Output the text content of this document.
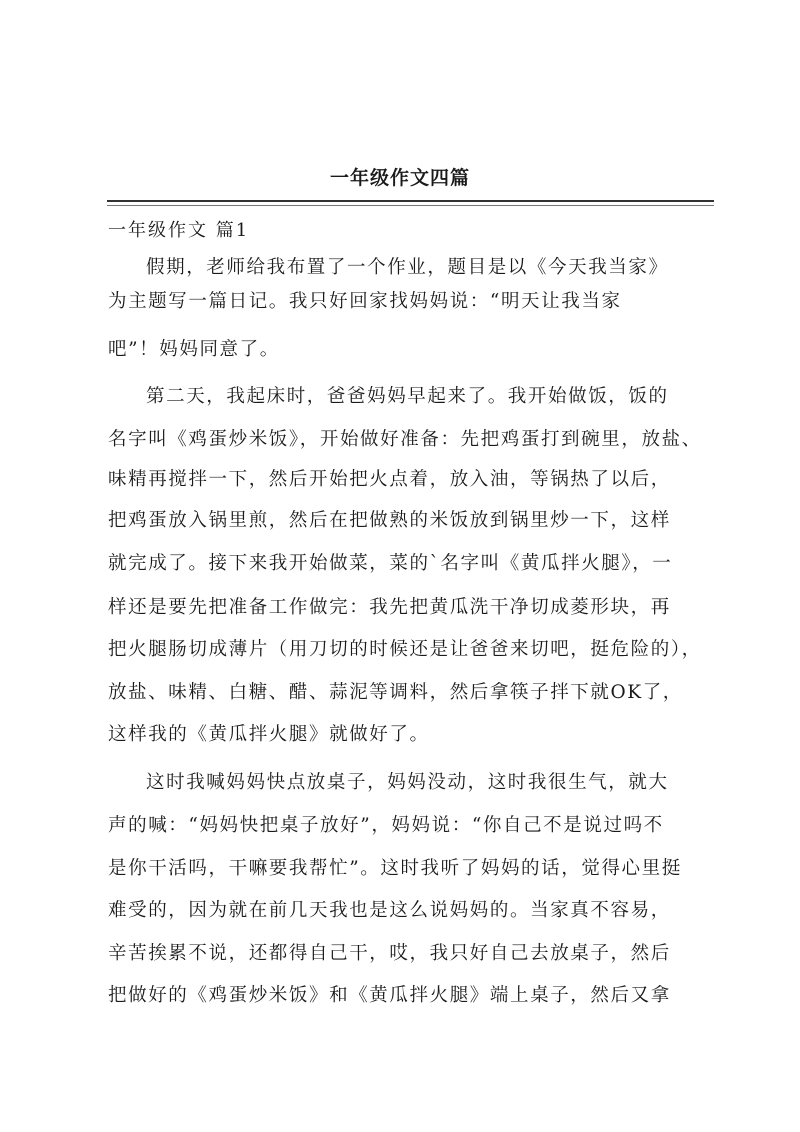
一年级作文四篇
一年级作文 篇1
假期，老师给我布置了一个作业，题目是以《今天我当家》
为主题写一篇日记。我只好回家找妈妈说：“明天让我当家
吧”！妈妈同意了。
第二天，我起床时，爸爸妈妈早起来了。我开始做饭，饭的
名字叫《鸡蛋炒米饭》，开始做好准备：先把鸡蛋打到碗里，放盐、
味精再搅拌一下，然后开始把火点着，放入油，等锅热了以后，
把鸡蛋放入锅里煎，然后在把做熟的米饭放到锅里炒一下，这样
就完成了。接下来我开始做菜，菜的`名字叫《黄瓜拌火腿》，一
样还是要先把准备工作做完：我先把黄瓜洗干净切成菱形块，再
把火腿肠切成薄片（用刀切的时候还是让爸爸来切吧，挺危险的），
放盐、味精、白糖、醋、蒜泥等调料，然后拿筷子拌下就OK了，
这样我的《黄瓜拌火腿》就做好了。
这时我喊妈妈快点放桌子，妈妈没动，这时我很生气，就大
声的喊：“妈妈快把桌子放好”，妈妈说：“你自己不是说过吗不
是你干活吗，干嘛要我帮忙”。这时我听了妈妈的话，觉得心里挺
难受的，因为就在前几天我也是这么说妈妈的。当家真不容易，
辛苦挨累不说，还都得自己干，哎，我只好自己去放桌子，然后
把做好的《鸡蛋炒米饭》和《黄瓜拌火腿》端上桌子，然后又拿
